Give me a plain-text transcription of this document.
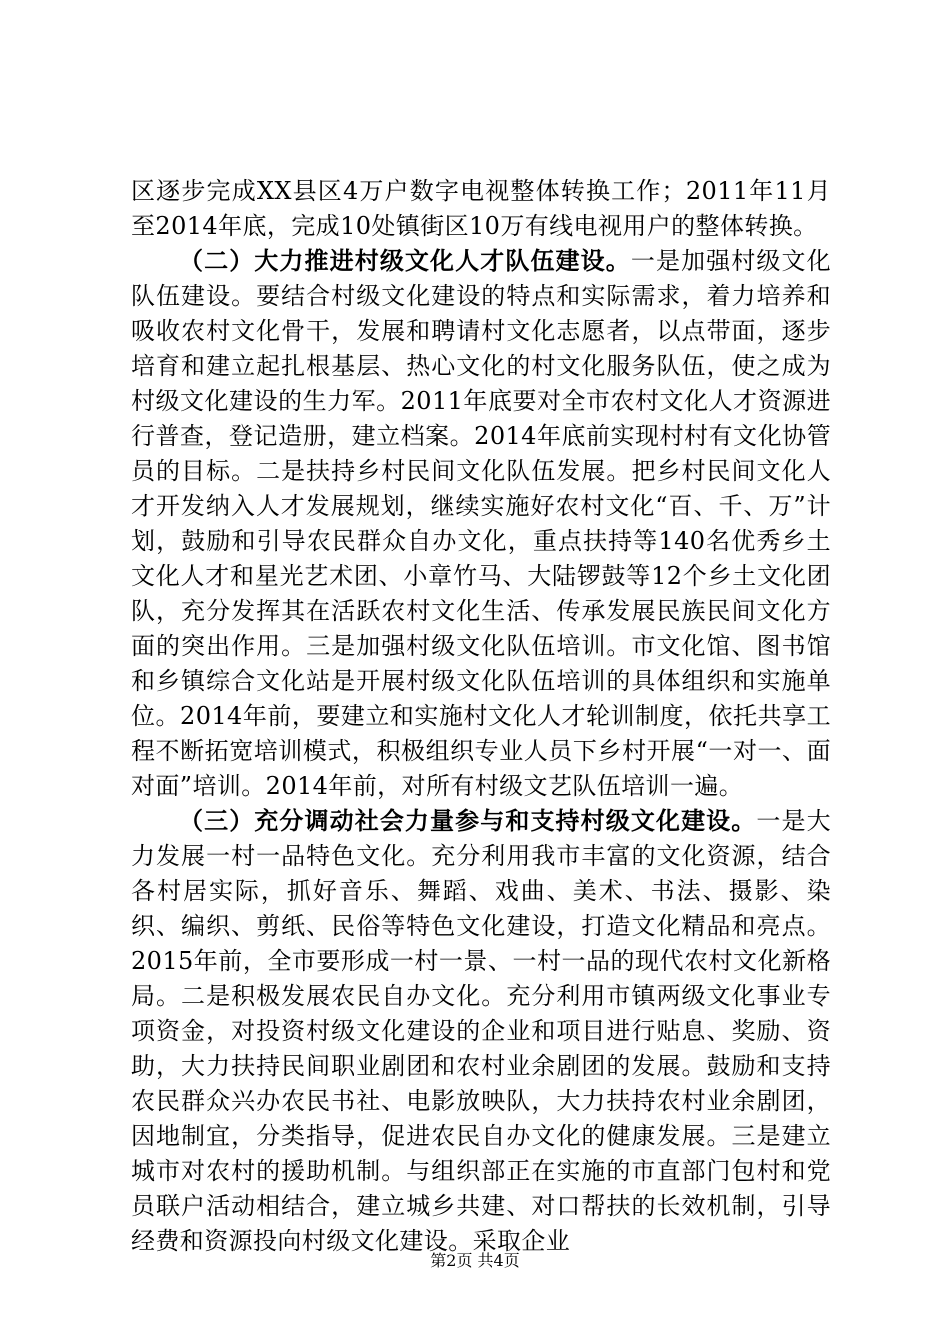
区逐步完成XX县区4万户数字电视整体转换工作；2011年11月至2014年底，完成10处镇街区10万有线电视用户的整体转换。

（二）大力推进村级文化人才队伍建设。一是加强村级文化队伍建设。要结合村级文化建设的特点和实际需求，着力培养和吸收农村文化骨干，发展和聘请村文化志愿者，以点带面，逐步培育和建立起扎根基层、热心文化的村文化服务队伍，使之成为村级文化建设的生力军。2011年底要对全市农村文化人才资源进行普查，登记造册，建立档案。2014年底前实现村村有文化协管员的目标。二是扶持乡村民间文化队伍发展。把乡村民间文化人才开发纳入人才发展规划，继续实施好农村文化“百、千、万”计划，鼓励和引导农民群众自办文化，重点扶持等140名优秀乡土文化人才和星光艺术团、小章竹马、大陆锣鼓等12个乡土文化团队，充分发挥其在活跃农村文化生活、传承发展民族民间文化方面的突出作用。三是加强村级文化队伍培训。市文化馆、图书馆和乡镇综合文化站是开展村级文化队伍培训的具体组织和实施单位。2014年前，要建立和实施村文化人才轮训制度，依托共享工程不断拓宽培训模式，积极组织专业人员下乡村开展“一对一、面对面”培训。2014年前，对所有村级文艺队伍培训一遍。

（三）充分调动社会力量参与和支持村级文化建设。一是大力发展一村一品特色文化。充分利用我市丰富的文化资源，结合各村居实际，抓好音乐、舞蹈、戏曲、美术、书法、摄影、染织、编织、剪纸、民俗等特色文化建设，打造文化精品和亮点。2015年前，全市要形成一村一景、一村一品的现代农村文化新格局。二是积极发展农民自办文化。充分利用市镇两级文化事业专项资金，对投资村级文化建设的企业和项目进行贴息、奖励、资助，大力扶持民间职业剧团和农村业余剧团的发展。鼓励和支持农民群众兴办农民书社、电影放映队，大力扶持农村业余剧团，因地制宜，分类指导，促进农民自办文化的健康发展。三是建立城市对农村的援助机制。与组织部正在实施的市直部门包村和党员联户活动相结合，建立城乡共建、对口帮扶的长效机制，引导经费和资源投向村级文化建设。采取企业

第2页 共4页
